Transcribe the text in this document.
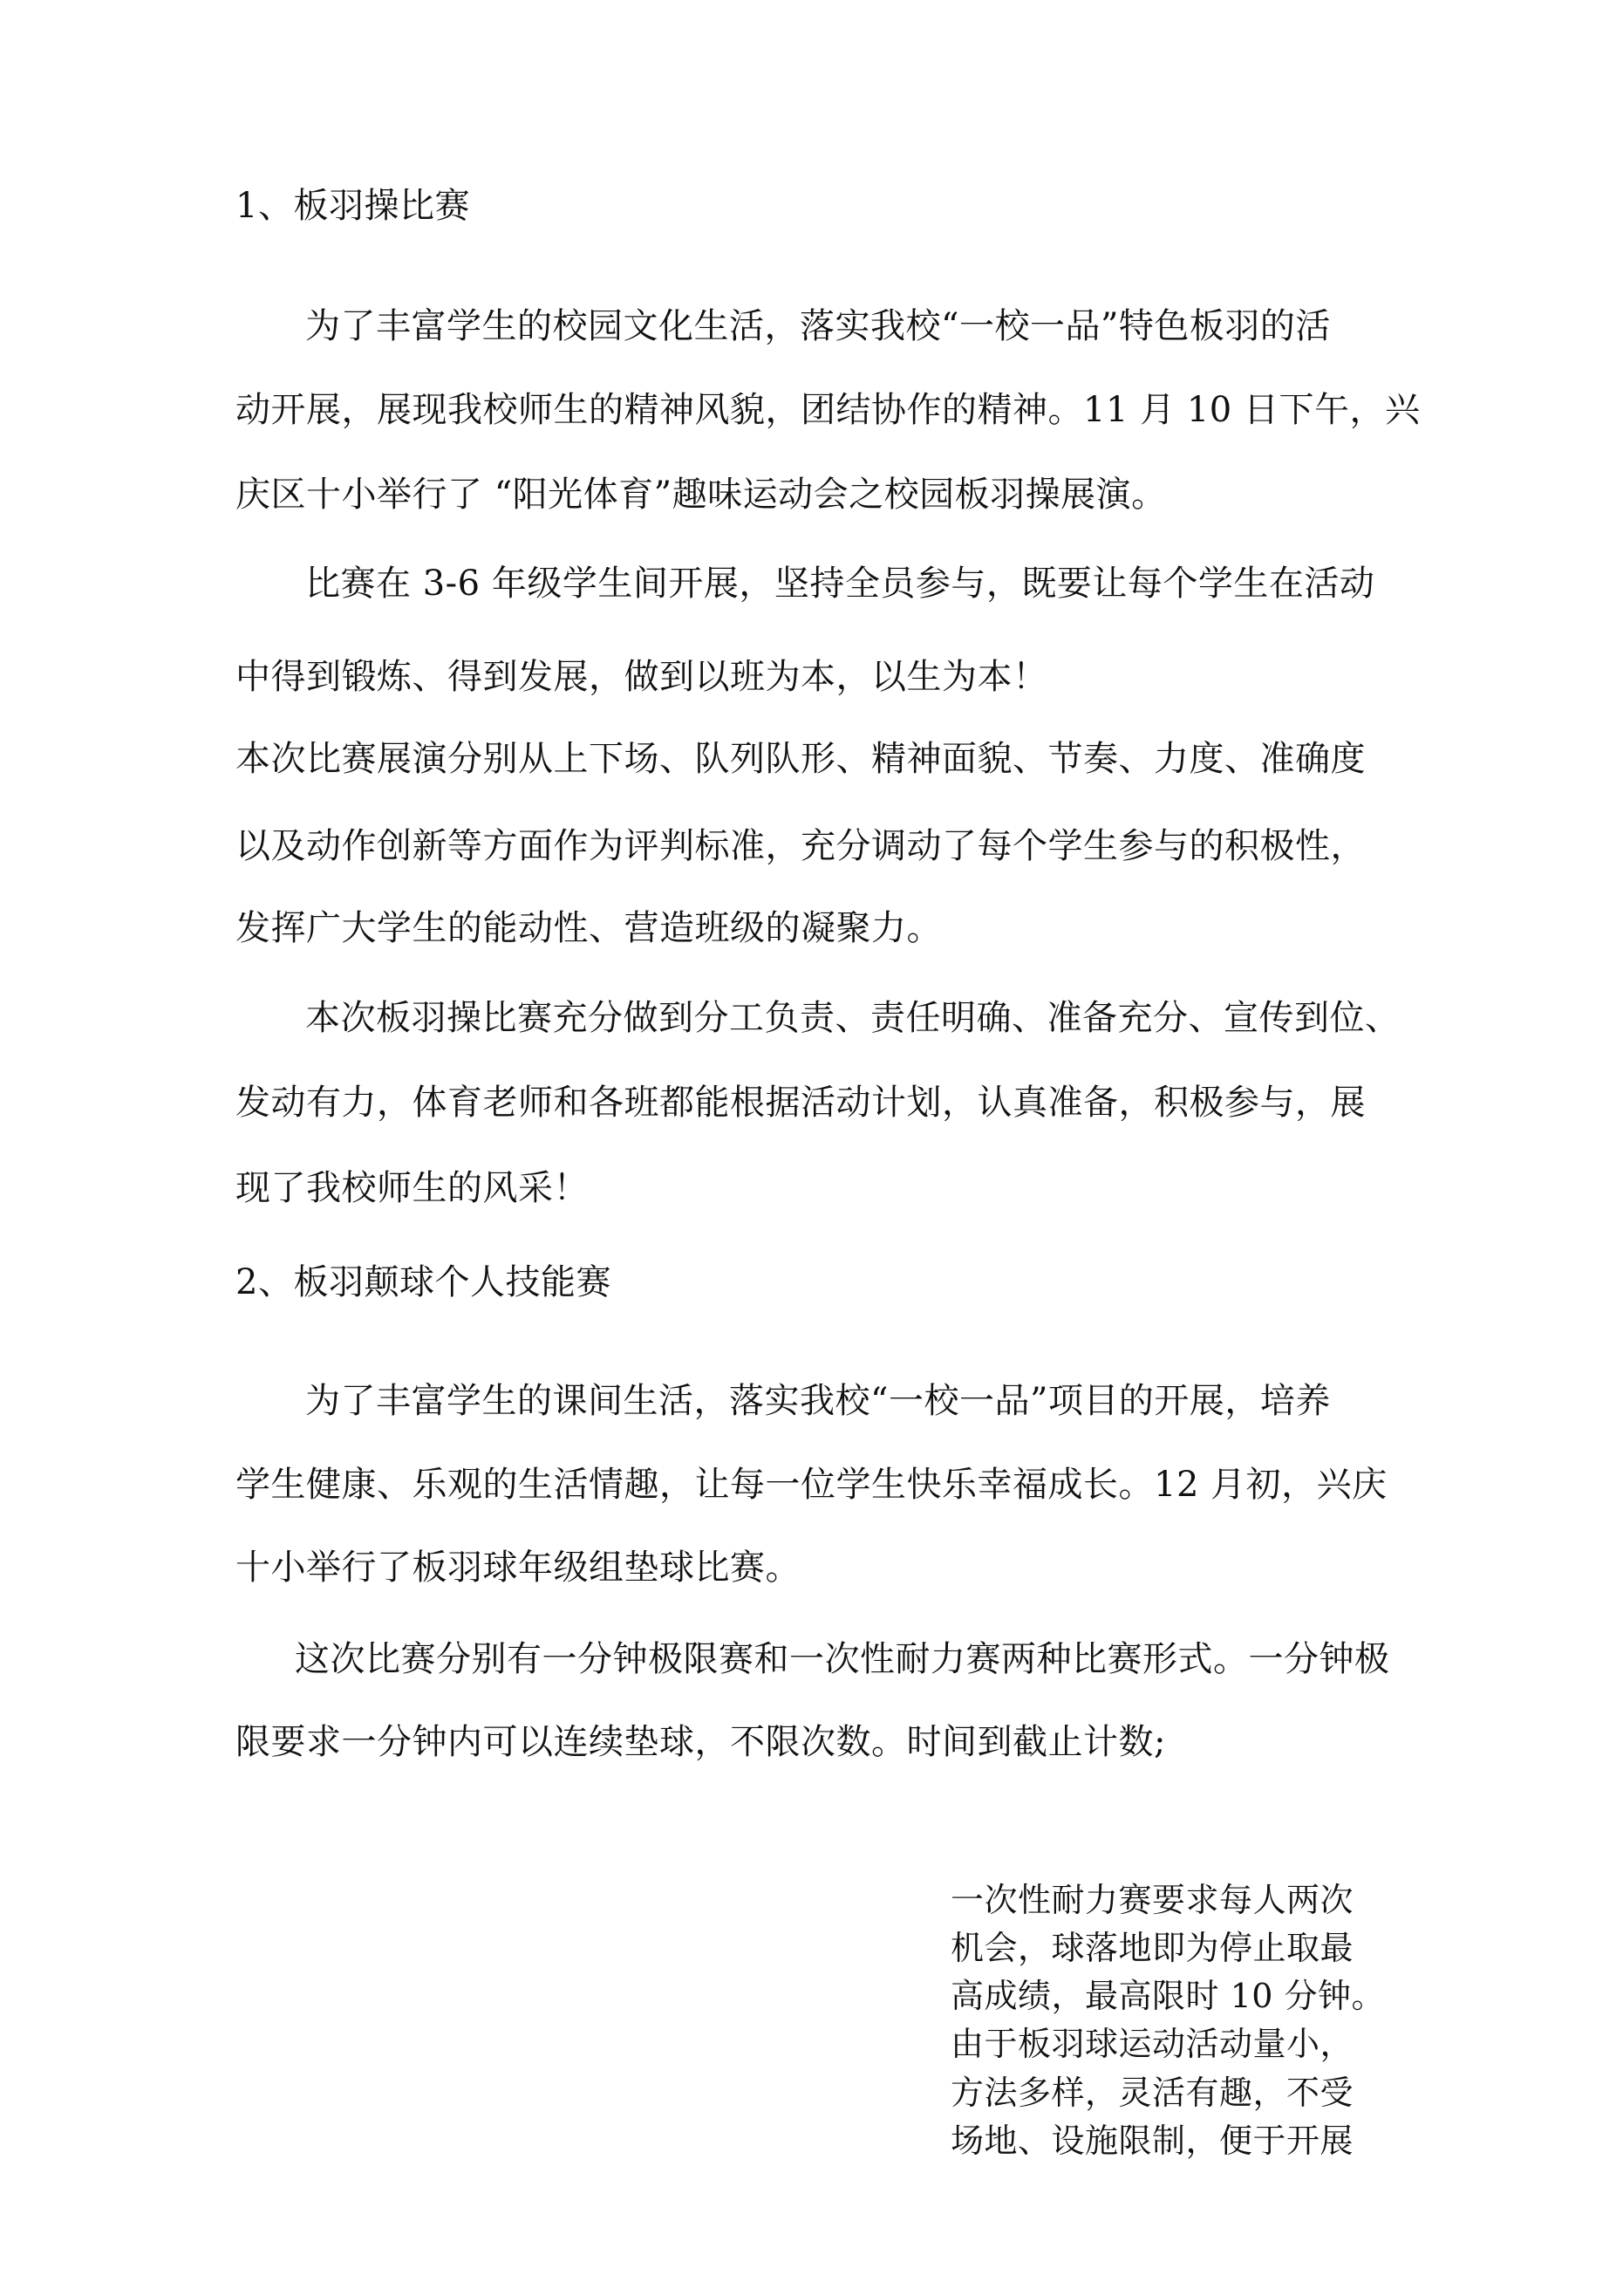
1、板羽操比赛
为了丰富学生的校园文化生活，落实我校“一校一品”特色板羽的活
动开展，展现我校师生的精神风貌，团结协作的精神。11 月 10 日下午，兴
庆区十小举行了 “阳光体育”趣味运动会之校园板羽操展演。
比赛在 3-6 年级学生间开展，坚持全员参与，既要让每个学生在活动
中得到锻炼、得到发展，做到以班为本，以生为本！
本次比赛展演分别从上下场、队列队形、精神面貌、节奏、力度、准确度
以及动作创新等方面作为评判标准，充分调动了每个学生参与的积极性，
发挥广大学生的能动性、营造班级的凝聚力。
本次板羽操比赛充分做到分工负责、责任明确、准备充分、宣传到位、
发动有力，体育老师和各班都能根据活动计划，认真准备，积极参与，展
现了我校师生的风采！
2、板羽颠球个人技能赛
为了丰富学生的课间生活，落实我校“一校一品”项目的开展，培养
学生健康、乐观的生活情趣，让每一位学生快乐幸福成长。12 月初，兴庆
十小举行了板羽球年级组垫球比赛。
这次比赛分别有一分钟极限赛和一次性耐力赛两种比赛形式。一分钟极
限要求一分钟内可以连续垫球，不限次数。时间到截止计数;
一次性耐力赛要求每人两次
机会，球落地即为停止取最
高成绩，最高限时 10 分钟。
由于板羽球运动活动量小，
方法多样，灵活有趣，不受
场地、设施限制，便于开展
